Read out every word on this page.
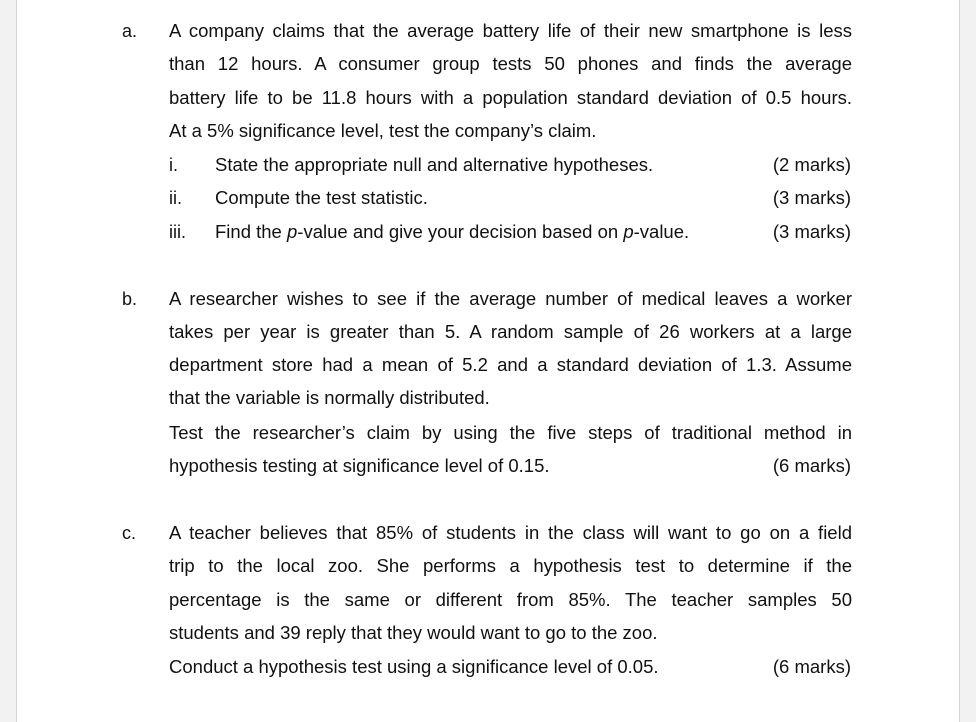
a. A company claims that the average battery life of their new smartphone is less
than 12 hours. A consumer group tests 50 phones and finds the average
battery life to be 11.8 hours with a population standard deviation of 0.5 hours.
At a 5% significance level, test the company’s claim.
i. State the appropriate null and alternative hypotheses.	(2 marks)
ii. Compute the test statistic.	(3 marks)
iii. Find the p-value and give your decision based on p-value.	(3 marks)
b. A researcher wishes to see if the average number of medical leaves a worker
takes per year is greater than 5. A random sample of 26 workers at a large
department store had a mean of 5.2 and a standard deviation of 1.3. Assume
that the variable is normally distributed.
Test the researcher’s claim by using the five steps of traditional method in
hypothesis testing at significance level of 0.15.	(6 marks)
c. A teacher believes that 85% of students in the class will want to go on a field
trip to the local zoo. She performs a hypothesis test to determine if the
percentage is the same or different from 85%. The teacher samples 50
students and 39 reply that they would want to go to the zoo.
Conduct a hypothesis test using a significance level of 0.05.	(6 marks)
